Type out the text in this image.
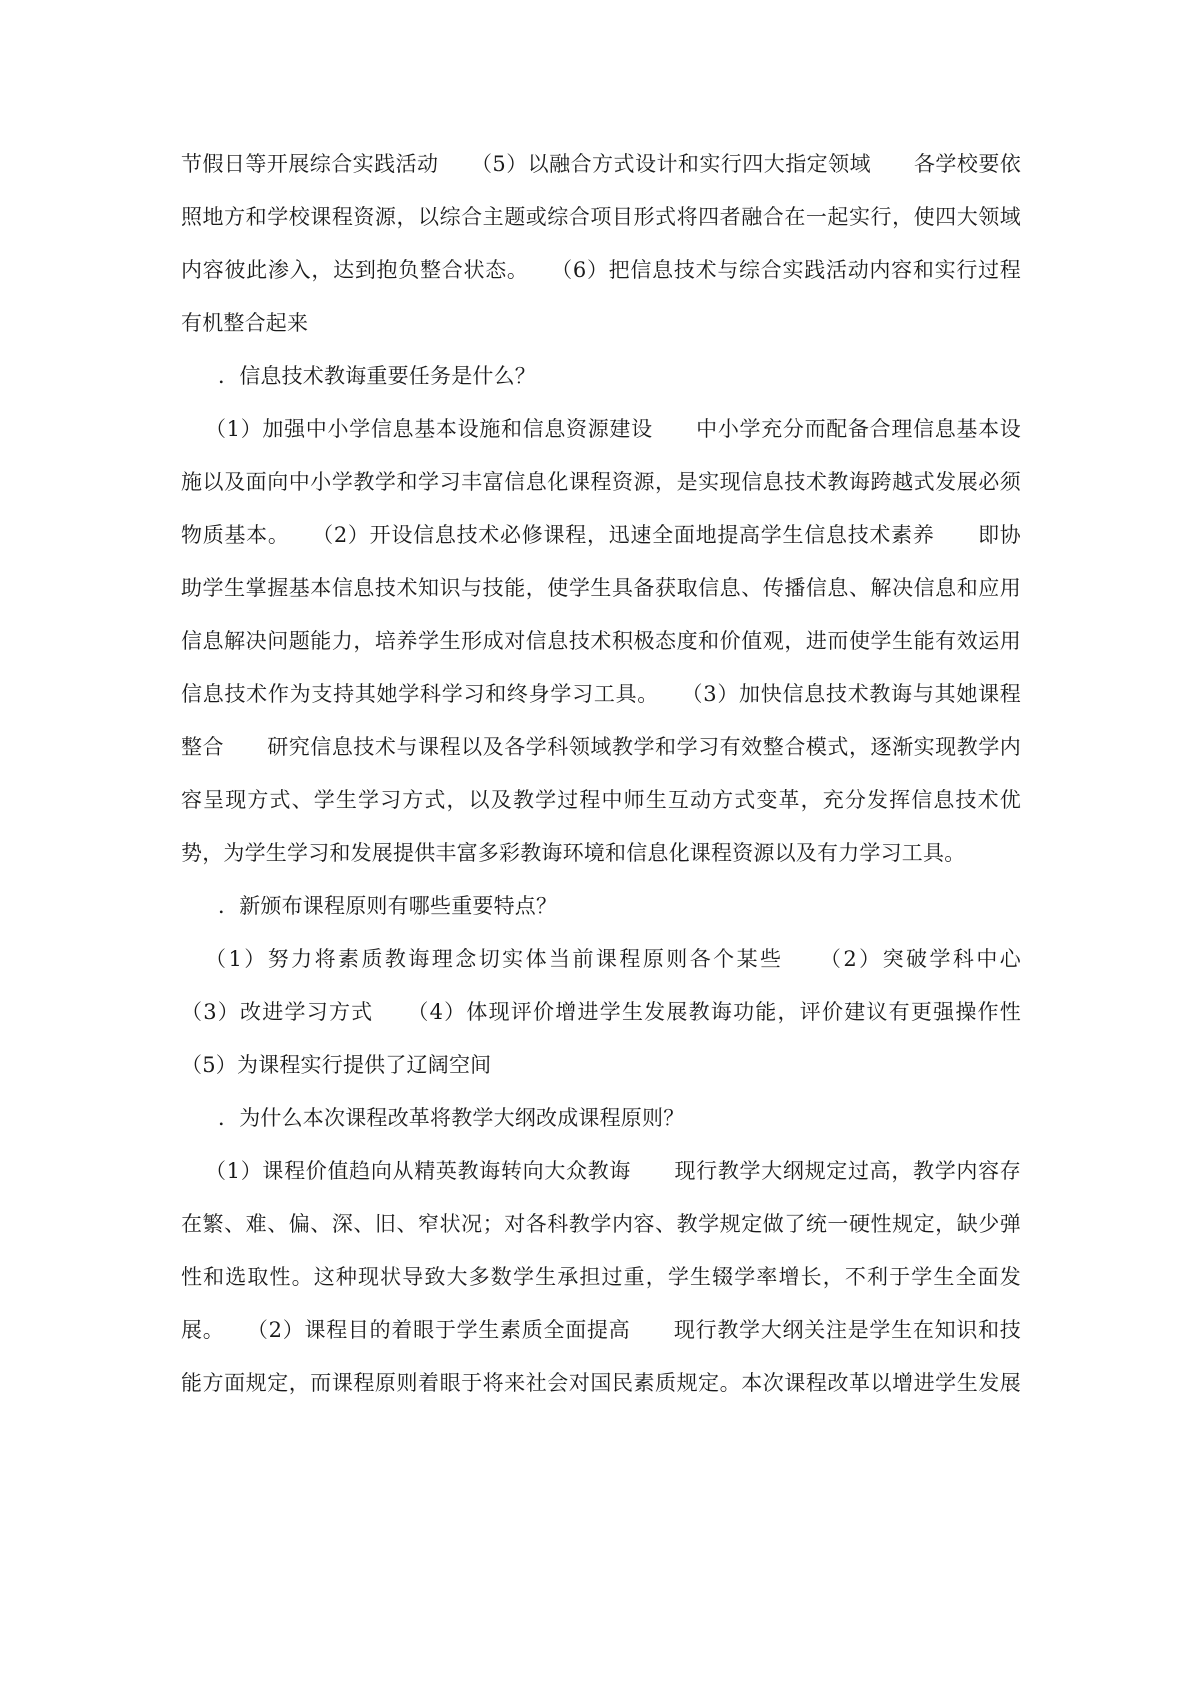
节假日等开展综合实践活动　　（5）以融合方式设计和实行四大指定领域　　各学校要依
照地方和学校课程资源，以综合主题或综合项目形式将四者融合在一起实行，使四大领域
内容彼此渗入，达到抱负整合状态。　　（6）把信息技术与综合实践活动内容和实行过程
有机整合起来
．信息技术教诲重要任务是什么？
（1）加强中小学信息基本设施和信息资源建设　　中小学充分而配备合理信息基本设
施以及面向中小学教学和学习丰富信息化课程资源，是实现信息技术教诲跨越式发展必须
物质基本。　　（2）开设信息技术必修课程，迅速全面地提高学生信息技术素养　　即协
助学生掌握基本信息技术知识与技能，使学生具备获取信息、传播信息、解决信息和应用
信息解决问题能力，培养学生形成对信息技术积极态度和价值观，进而使学生能有效运用
信息技术作为支持其她学科学习和终身学习工具。　　（3）加快信息技术教诲与其她课程
整合　　研究信息技术与课程以及各学科领域教学和学习有效整合模式，逐渐实现教学内
容呈现方式、学生学习方式，以及教学过程中师生互动方式变革，充分发挥信息技术优
势，为学生学习和发展提供丰富多彩教诲环境和信息化课程资源以及有力学习工具。
．新颁布课程原则有哪些重要特点？
（1）努力将素质教诲理念切实体当前课程原则各个某些　　（2）突破学科中心
（3）改进学习方式　　（4）体现评价增进学生发展教诲功能，评价建议有更强操作性
（5）为课程实行提供了辽阔空间
．为什么本次课程改革将教学大纲改成课程原则？
（1）课程价值趋向从精英教诲转向大众教诲　　现行教学大纲规定过高，教学内容存
在繁、难、偏、深、旧、窄状况；对各科教学内容、教学规定做了统一硬性规定，缺少弹
性和选取性。这种现状导致大多数学生承担过重，学生辍学率增长，不利于学生全面发
展。　　（2）课程目的着眼于学生素质全面提高　　现行教学大纲关注是学生在知识和技
能方面规定，而课程原则着眼于将来社会对国民素质规定。本次课程改革以增进学生发展
